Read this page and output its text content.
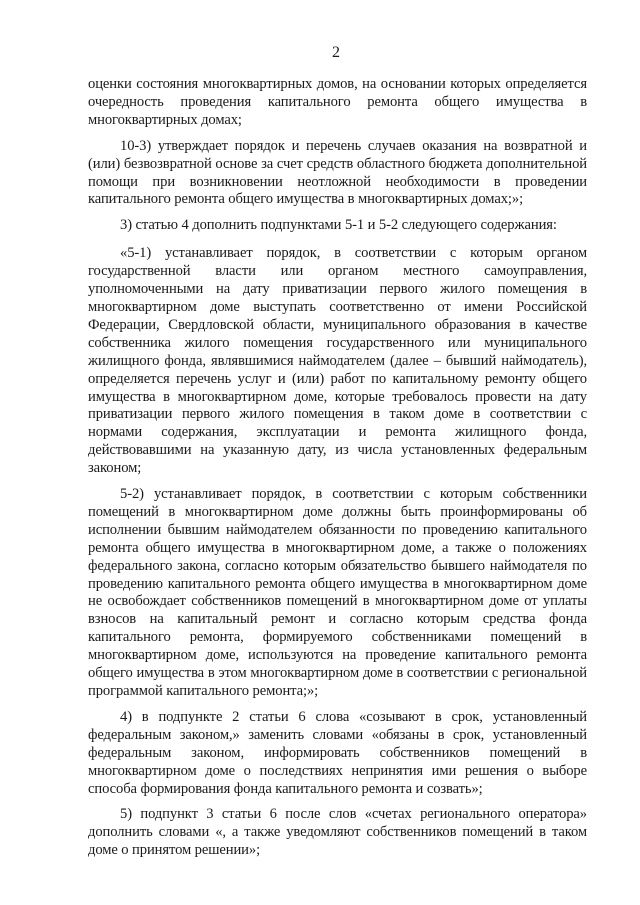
2

оценки состояния многоквартирных домов, на основании которых определяется очередность проведения капитального ремонта общего имущества в многоквартирных домах;

10-3) утверждает порядок и перечень случаев оказания на возвратной и (или) безвозвратной основе за счет средств областного бюджета дополнительной помощи при возникновении неотложной необходимости в проведении капитального ремонта общего имущества в многоквартирных домах;»;

3) статью 4 дополнить подпунктами 5-1 и 5-2 следующего содержания:

«5-1) устанавливает порядок, в соответствии с которым органом государственной власти или органом местного самоуправления, уполномоченными на дату приватизации первого жилого помещения в многоквартирном доме выступать соответственно от имени Российской Федерации, Свердловской области, муниципального образования в качестве собственника жилого помещения государственного или муниципального жилищного фонда, являвшимися наймодателем (далее – бывший наймодатель), определяется перечень услуг и (или) работ по капитальному ремонту общего имущества в многоквартирном доме, которые требовалось провести на дату приватизации первого жилого помещения в таком доме в соответствии с нормами содержания, эксплуатации и ремонта жилищного фонда, действовавшими на указанную дату, из числа установленных федеральным законом;

5-2) устанавливает порядок, в соответствии с которым собственники помещений в многоквартирном доме должны быть проинформированы об исполнении бывшим наймодателем обязанности по проведению капитального ремонта общего имущества в многоквартирном доме, а также о положениях федерального закона, согласно которым обязательство бывшего наймодателя по проведению капитального ремонта общего имущества в многоквартирном доме не освобождает собственников помещений в многоквартирном доме от уплаты взносов на капитальный ремонт и согласно которым средства фонда капитального ремонта, формируемого собственниками помещений в многоквартирном доме, используются на проведение капитального ремонта общего имущества в этом многоквартирном доме в соответствии с региональной программой капитального ремонта;»;

4) в подпункте 2 статьи 6 слова «созывают в срок, установленный федеральным законом,» заменить словами «обязаны в срок, установленный федеральным законом, информировать собственников помещений в многоквартирном доме о последствиях непринятия ими решения о выборе способа формирования фонда капитального ремонта и созвать»;

5) подпункт 3 статьи 6 после слов «счетах регионального оператора» дополнить словами «, а также уведомляют собственников помещений в таком доме о принятом решении»;
